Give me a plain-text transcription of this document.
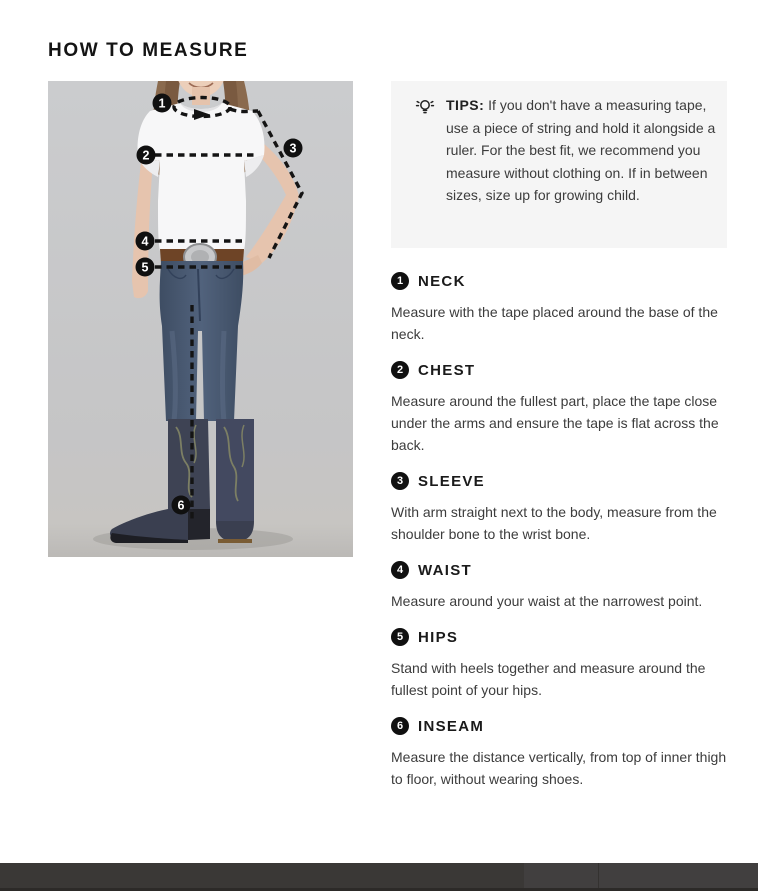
HOW TO MEASURE
1
2	3
4
5
6
TIPS: If you don't have a measuring tape, use a piece of string and hold it alongside a ruler. For the best fit, we recommend you measure without clothing on. If in between sizes, size up for growing child.
1 NECK

Measure with the tape placed around the base of the neck.

2 CHEST

Measure around the fullest part, place the tape close under the arms and ensure the tape is flat across the back.

3 SLEEVE

With arm straight next to the body, measure from the shoulder bone to the wrist bone.

4 WAIST

Measure around your waist at the narrowest point.

5 HIPS

Stand with heels together and measure around the fullest point of your hips.

6 INSEAM

Measure the distance vertically, from top of inner thigh to floor, without wearing shoes.
